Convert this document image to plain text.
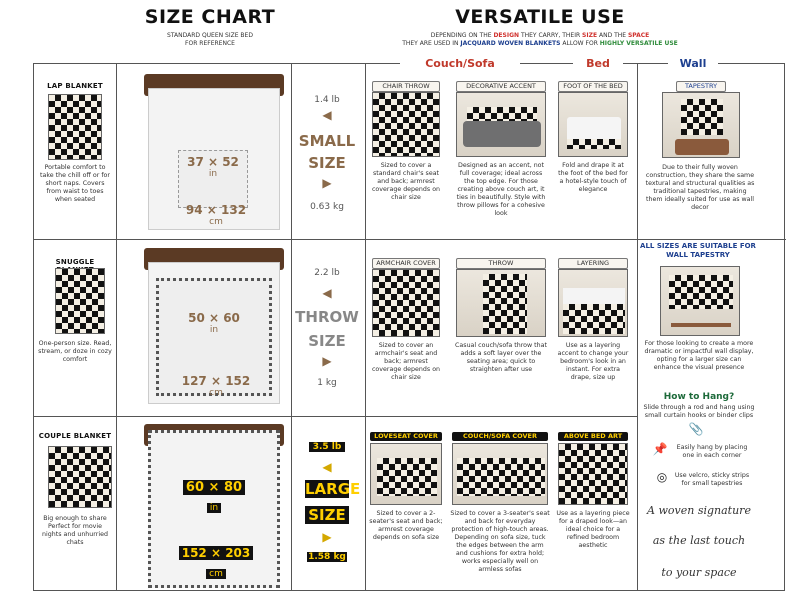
SIZE CHART
STANDARD QUEEN SIZE BED
FOR REFERENCE
VERSATILE USE
DEPENDING ON THE DESIGN THEY CARRY, THEIR SIZE AND THE SPACE
THEY ARE USED IN JACQUARD WOVEN BLANKETS ALLOW FOR HIGHLY VERSATILE USE
Couch/Sofa	Bed	Wall
LAP BLANKET
Portable comfort to take the chill off or for short naps. Covers from waist to toes when seated
37 × 52
in
94 × 132
cm
1.4 lb
◀
SMALL
SIZE
▶
0.63 kg
SNUGGLE
One-person size. Read, stream, or doze in cozy comfort
50 × 60
in
127 × 152
cm
2.2 lb
◀
THROW
SIZE
▶
1 kg
COUPLE BLANKET
Big enough to share Perfect for movie nights and unhurried chats
60 × 80 in
152 × 203 cm
3.5 lb
◀
LARGE
SIZE
▶
1.58 kg
CHAIR THROW
Sized to cover a standard chair's seat and back; armrest coverage depends on chair size
DECORATIVE ACCENT
Designed as an accent, not full coverage; ideal across the top edge. For those creating above couch art, it ties in beautifully. Style with throw pillows for a cohesive look
FOOT OF THE BED
Fold and drape it at the foot of the bed for a hotel-style touch of elegance
TAPESTRY
Due to their fully woven construction, they share the same textural and structural qualities as traditional tapestries, making them ideally suited for use as wall decor
ARMCHAIR COVER
Sized to cover an armchair's seat and back; armrest coverage depends on chair size
THROW
Casual couch/sofa throw that adds a soft layer over the seating area; quick to straighten after use
LAYERING
Use as a layering accent to change your bedroom's look in an instant. For extra drape, size up
LOVESEAT COVER
Sized to cover a 2-seater's seat and back; armrest coverage depends on sofa size
COUCH/SOFA COVER
Sized to cover a 3-seater's seat and back for everyday protection of high-touch areas. Depending on sofa size, tuck the edges between the arm and cushions for extra hold; works especially well on armless sofas
ABOVE BED ART
Use as a layering piece for a draped look—an ideal choice for a refined bedroom aesthetic
ALL SIZES ARE SUITABLE FOR WALL TAPESTRY
For those looking to create a more dramatic or impactful wall display, opting for a larger size can enhance the visual presence
How to Hang?
Slide through a rod and hang using small curtain hooks or binder clips
📎
Easily hang by placing one in each corner
📌
◎	Use velcro, sticky strips for small tapestries
A woven signature
as the last touch
to your space
